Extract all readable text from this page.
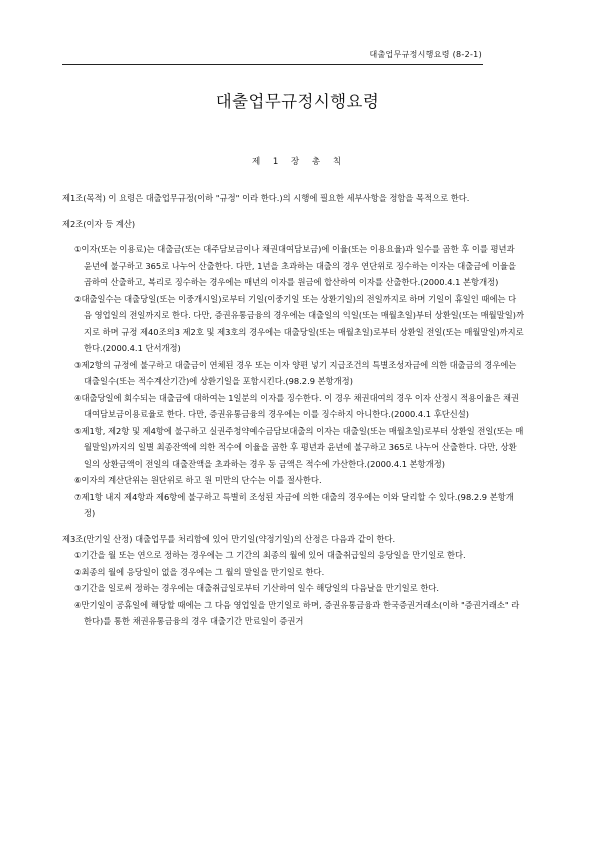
대출업무규정시행요령 (8-2-1)
대출업무규정시행요령
제 1 장 총 칙

제1조(목적) 이 요령은 대출업무규정(이하 "규정" 이라 한다.)의 시행에 필요한 세부사항을 정함을 목적으로 한다.

제2조(이자 등 계산)

①이자(또는 이용료)는 대출금(또는 대주담보금이나 채권대여담보금)에 이율(또는 이용요율)과 일수를 곱한 후 이를 평년과 윤년에 불구하고 365로 나누어 산출한다. 다만, 1년을 초과하는 대출의 경우 연단위로 징수하는 이자는 대출금에 이율을 곱하여 산출하고, 복리로 징수하는 경우에는 매년의 이자를 원금에 합산하여 이자를 산출한다.(2000.4.1 본항개정)

②대출일수는 대출당일(또는 이중개시일)로부터 기일(이중기일 또는 상환기일)의 전일까지로 하며 기일이 휴일인 때에는 다음 영업일의 전일까지로 한다. 다만, 증권유통금융의 경우에는 대출일의 익일(또는 매월초일)부터 상환일(또는 매월말일)까지로 하며 규정 제40조의3 제2호 및 제3호의 경우에는 대출당일(또는 매월초일)로부터 상환일 전일(또는 매월말일)까지로 한다.(2000.4.1 단서개정)

③제2항의 규정에 불구하고 대출금이 연체된 경우 또는 이자 양편 넣기 지급조건의 특별조성자금에 의한 대출금의 경우에는 대출일수(또는 적수계산기간)에 상환기일을 포함시킨다.(98.2.9 본항개정)

④대출당일에 회수되는 대출금에 대하여는 1일분의 이자를 징수한다. 이 경우 채권대여의 경우 이자 산정시 적용이율은 채권대여담보금이용료율로 한다. 다만, 증권유통금융의 경우에는 이를 징수하지 아니한다.(2000.4.1 후단신설)

⑤제1항, 제2항 및 제4항에 불구하고 실권주청약예수금담보대출의 이자는 대출일(또는 매월초일)로부터 상환일 전일(또는 매월말일)까지의 일별 최종잔액에 의한 적수에 이율을 곱한 후 평년과 윤년에 불구하고 365로 나누어 산출한다. 다만, 상환일의 상환금액이 전일의 대출잔액을 초과하는 경우 동 금액은 적수에 가산한다.(2000.4.1 본항개정)

⑥이자의 계산단위는 원단위로 하고 원 미만의 단수는 이를 절사한다.

⑦제1항 내지 제4항과 제6항에 불구하고 특별히 조성된 자금에 의한 대출의 경우에는 이와 달리할 수 있다.(98.2.9 본항개정)

제3조(만기일 산정) 대출업무를 처리함에 있어 만기일(약정기일)의 산정은 다음과 같이 한다.

①기간을 월 또는 연으로 정하는 경우에는 그 기간의 최종의 월에 있어 대출취급일의 응당일을 만기일로 한다.

②최종의 월에 응당일이 없을 경우에는 그 월의 말일을 만기일로 한다.

③기간을 일로써 정하는 경우에는 대출취급일로부터 기산하여 일수 해당일의 다음날을 만기일로 한다.

④만기일이 공휴일에 해당할 때에는 그 다음 영업일을 만기일로 하며, 증권유통금융과 한국증권거래소(이하 "증권거래소" 라 한다)를 통한 채권유통금융의 경우 대출기간 만료일이 증권거
